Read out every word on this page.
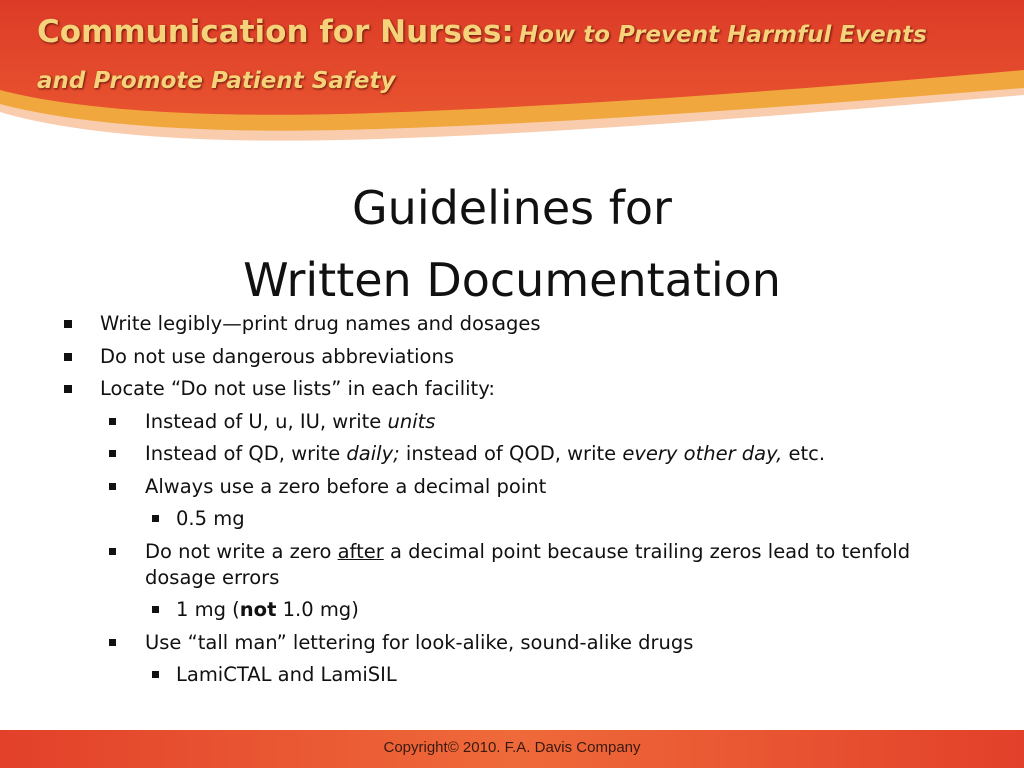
Communication for Nurses: How to Prevent Harmful Events
and Promote Patient Safety
Guidelines for
Written Documentation
Write legibly—print drug names and dosages
Do not use dangerous abbreviations
Locate “Do not use lists” in each facility:
Instead of U, u, IU, write units
Instead of QD, write daily; instead of QOD, write every other day, etc.
Always use a zero before a decimal point
0.5 mg
Do not write a zero after a decimal point because trailing zeros lead to tenfold dosage errors
1 mg (not 1.0 mg)
Use “tall man” lettering for look-alike, sound-alike drugs
LamiCTAL and LamiSIL
Copyright© 2010. F.A. Davis Company
